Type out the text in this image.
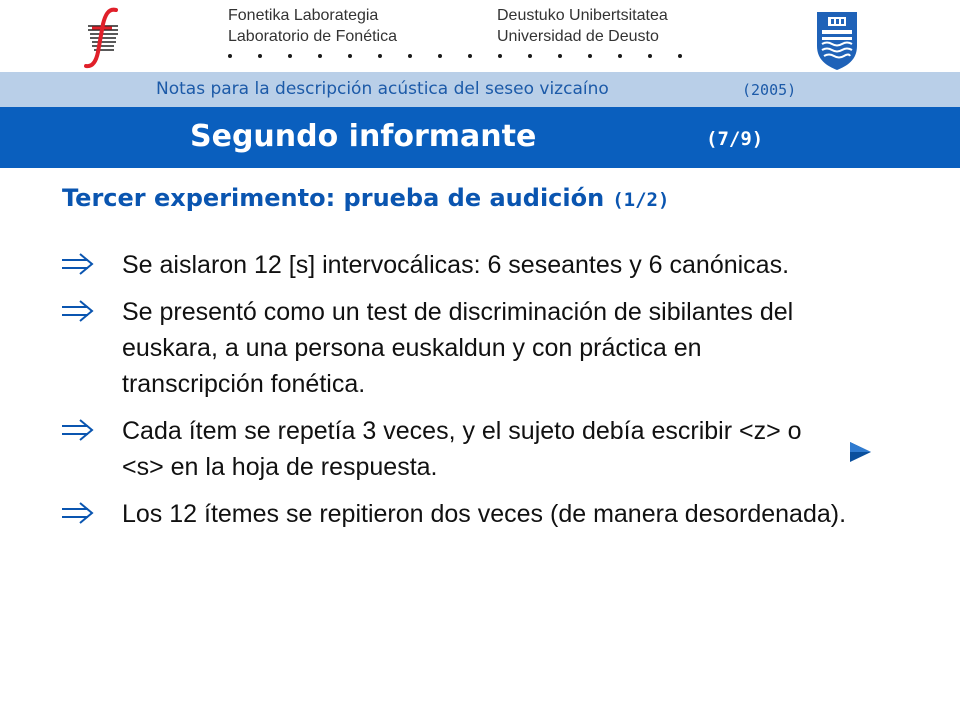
Fonetika Laborategia
Laboratorio de Fonética
Deustuko Unibertsitatea
Universidad de Deusto
Notas para la descripción acústica del seseo vizcaíno	(2005)
Segundo informante	(7/9)
Tercer experimento: prueba de audición (1/2)
Se aislaron 12 [s] intervocálicas: 6 seseantes y 6 canónicas.
Se presentó como un test de discriminación de sibilantes del euskara, a una persona euskaldun y con práctica en transcripción fonética.
Cada ítem se repetía 3 veces, y el sujeto debía escribir <z> o <s> en la hoja de respuesta.
Los 12 ítemes se repitieron dos veces (de manera desordenada).
